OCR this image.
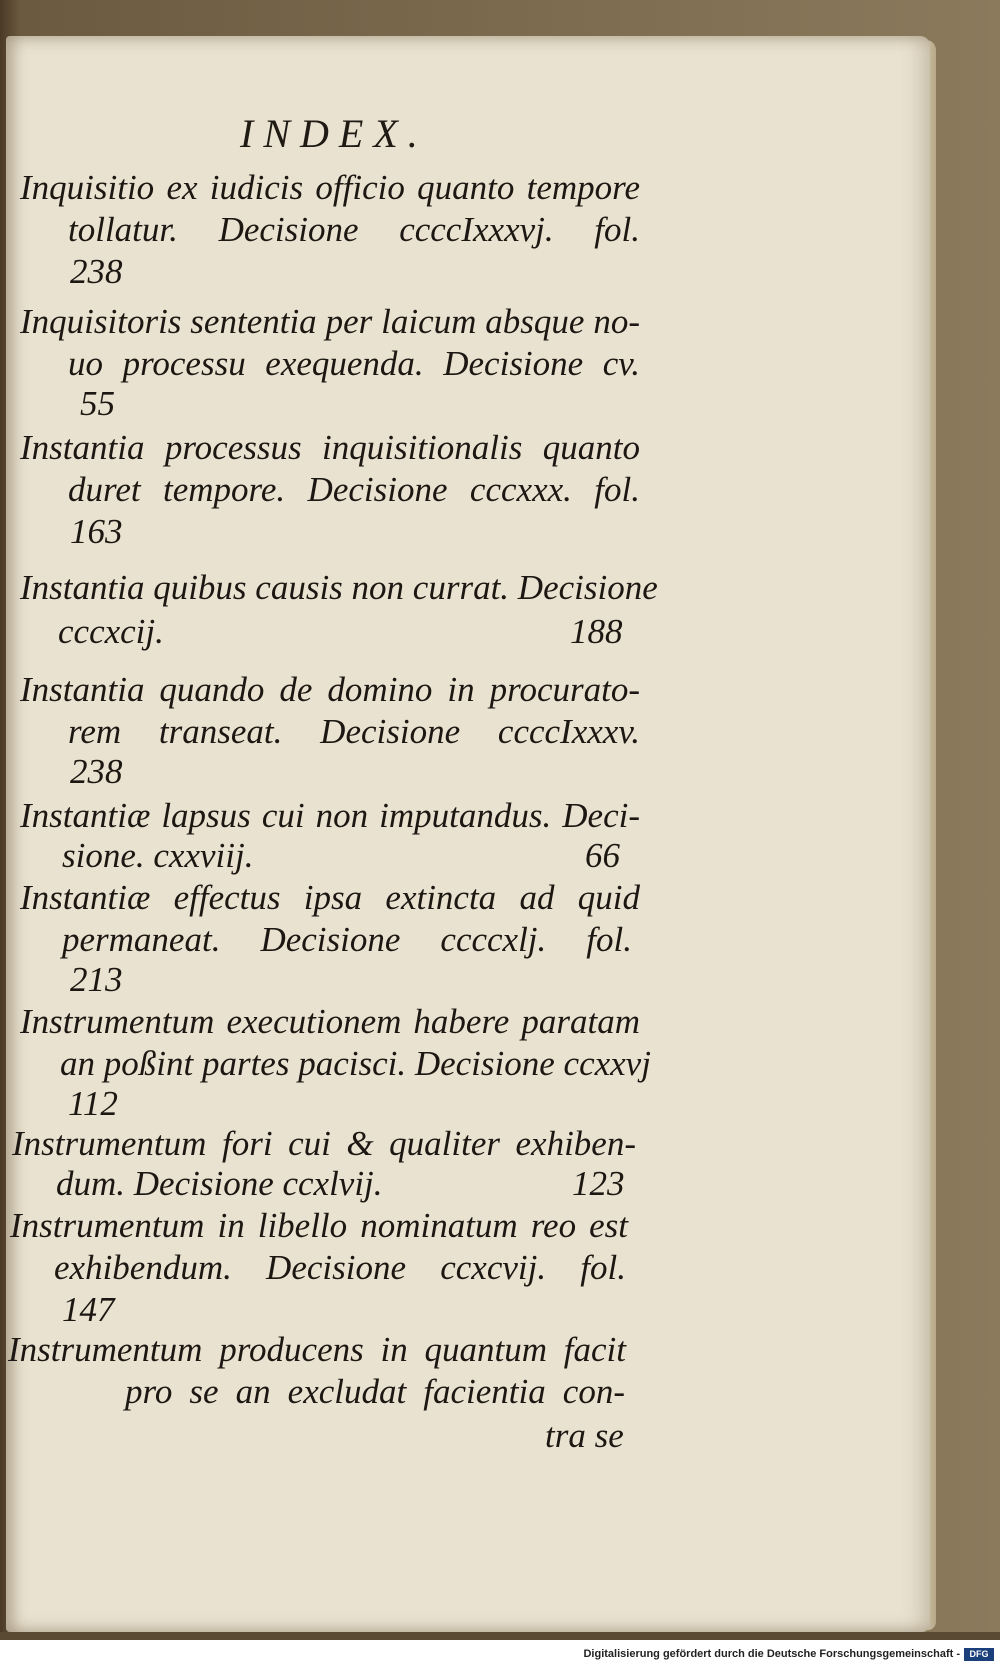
INDEX.
Inquisitio ex iudicis officio quanto tempore
tollatur. Decisione ccccIxxxvj. fol.
238
Inquisitoris sententia per laicum absque no-
uo processu exequenda. Decisione cv.
55
Instantia processus inquisitionalis quanto
duret tempore. Decisione cccxxx. fol.
163
Instantia quibus causis non currat. Decisione
cccxcij.	188
Instantia quando de domino in procurato-
rem transeat. Decisione ccccIxxxv.
238
Instantiæ lapsus cui non imputandus. Deci-
sione. cxxviij.	66
Instantiæ effectus ipsa extincta ad quid
permaneat. Decisione ccccxlj. fol.
213
Instrumentum executionem habere paratam
an poßint partes pacisci. Decisione ccxxvj
112
Instrumentum fori cui & qualiter exhiben-
dum. Decisione ccxlvij.	123
Instrumentum in libello nominatum reo est
exhibendum. Decisione ccxcvij. fol.
147
Instrumentum producens in quantum facit
pro se an excludat facientia con-
tra se
Digitalisierung gefördert durch die Deutsche Forschungsgemeinschaft -	DFG
